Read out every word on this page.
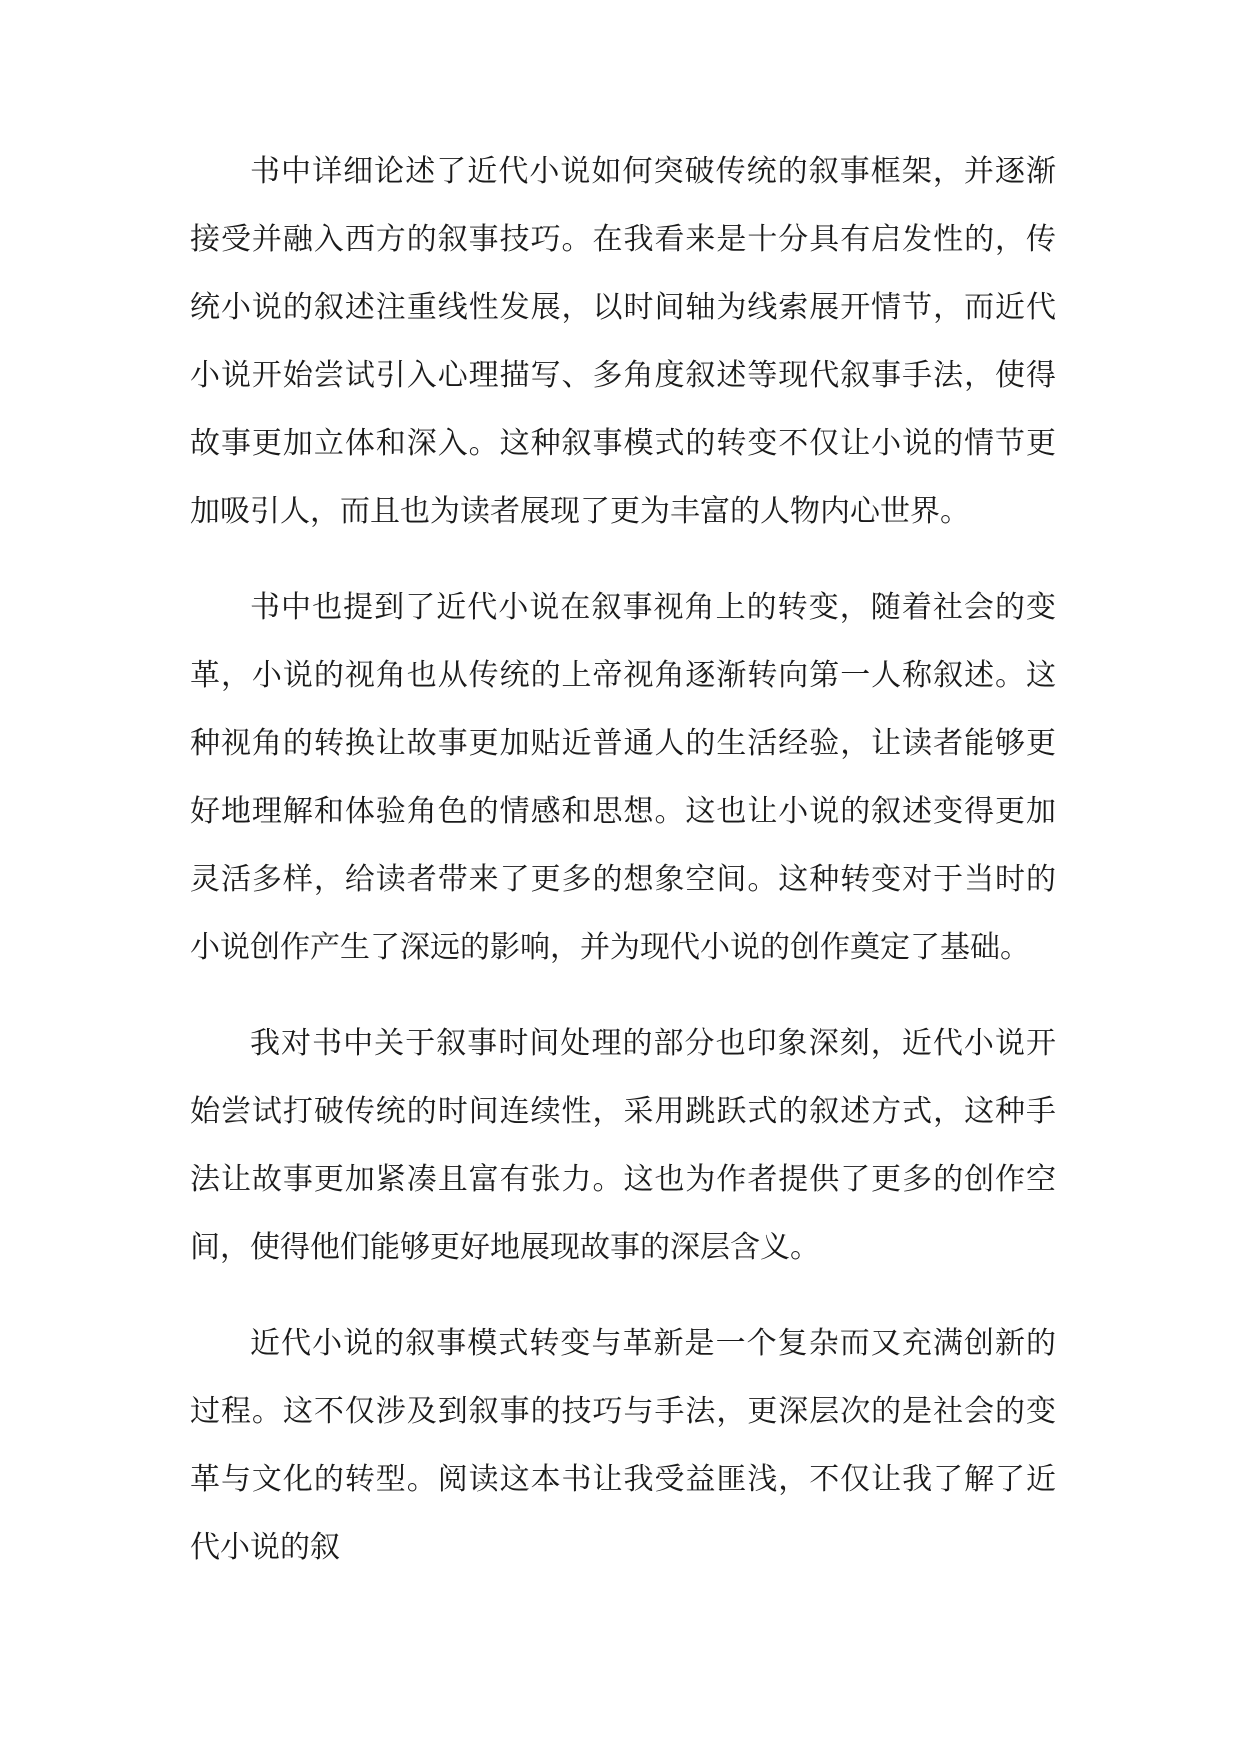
书中详细论述了近代小说如何突破传统的叙事框架，并逐渐接受并融入西方的叙事技巧。在我看来是十分具有启发性的，传统小说的叙述注重线性发展，以时间轴为线索展开情节，而近代小说开始尝试引入心理描写、多角度叙述等现代叙事手法，使得故事更加立体和深入。这种叙事模式的转变不仅让小说的情节更加吸引人，而且也为读者展现了更为丰富的人物内心世界。

书中也提到了近代小说在叙事视角上的转变，随着社会的变革，小说的视角也从传统的上帝视角逐渐转向第一人称叙述。这种视角的转换让故事更加贴近普通人的生活经验，让读者能够更好地理解和体验角色的情感和思想。这也让小说的叙述变得更加灵活多样，给读者带来了更多的想象空间。这种转变对于当时的小说创作产生了深远的影响，并为现代小说的创作奠定了基础。

我对书中关于叙事时间处理的部分也印象深刻，近代小说开始尝试打破传统的时间连续性，采用跳跃式的叙述方式，这种手法让故事更加紧凑且富有张力。这也为作者提供了更多的创作空间，使得他们能够更好地展现故事的深层含义。

近代小说的叙事模式转变与革新是一个复杂而又充满创新的过程。这不仅涉及到叙事的技巧与手法，更深层次的是社会的变革与文化的转型。阅读这本书让我受益匪浅，不仅让我了解了近代小说的叙
